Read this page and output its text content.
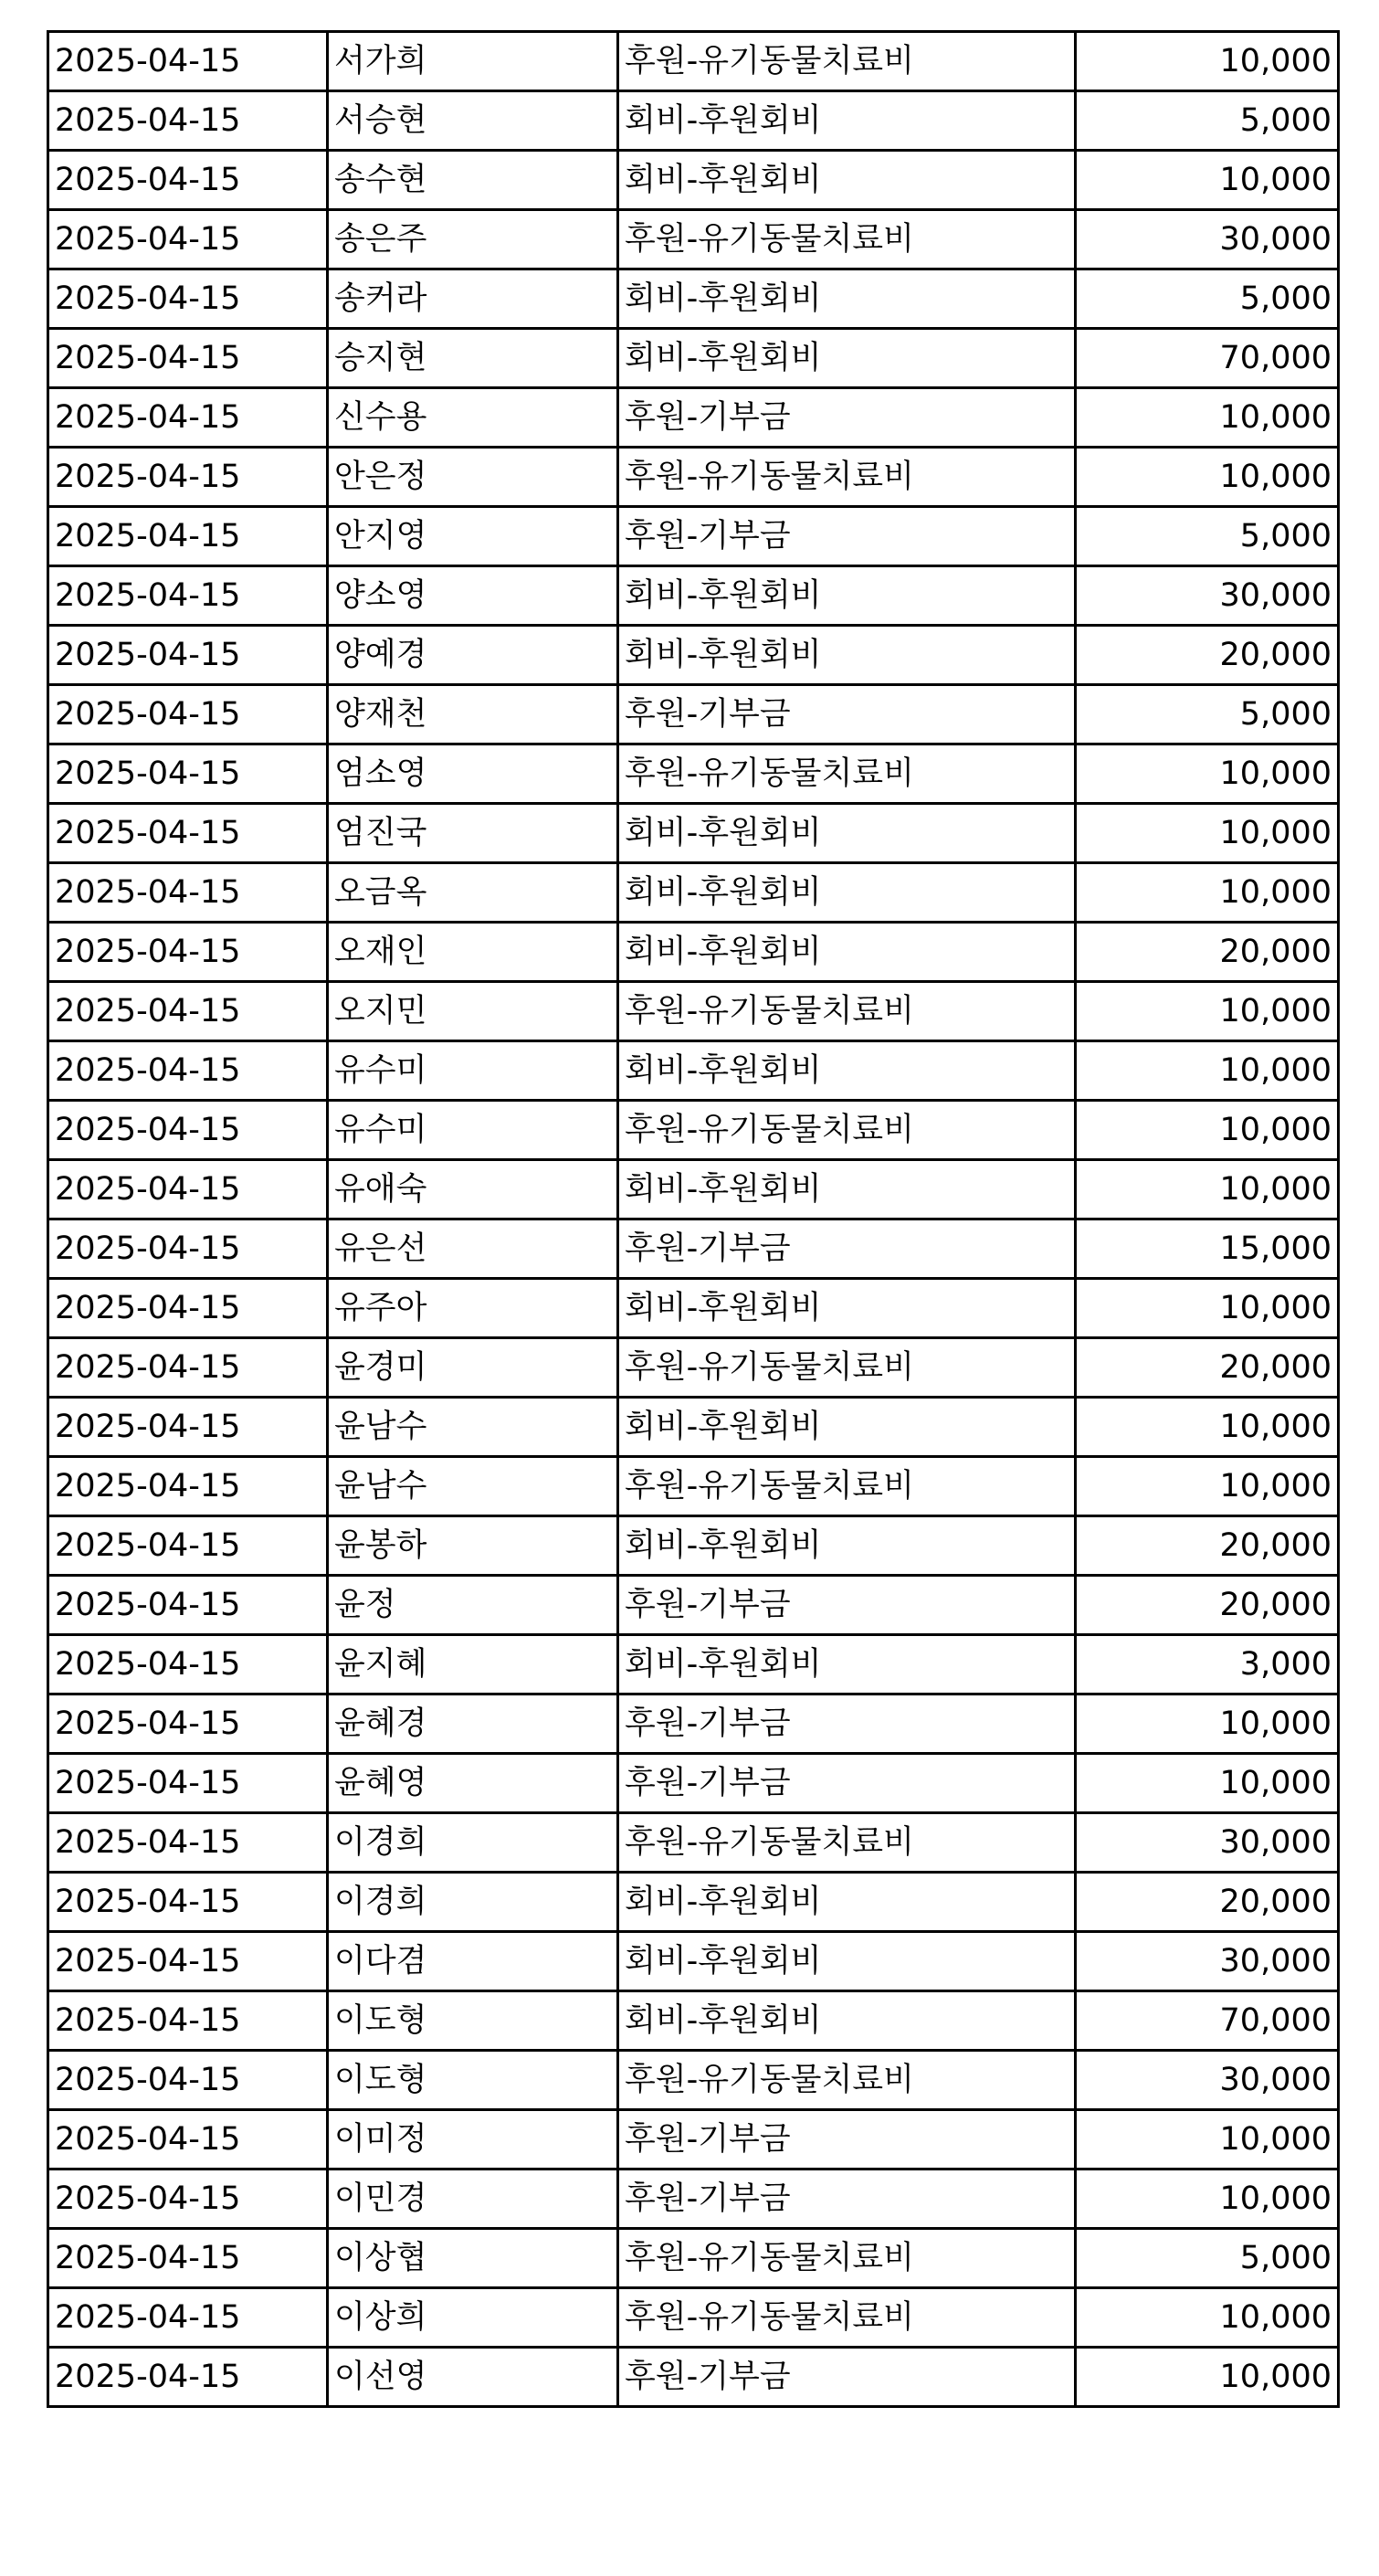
2025-04-15	서가희	후원-유기동물치료비	10,000
2025-04-15	서승현	회비-후원회비	5,000
2025-04-15	송수현	회비-후원회비	10,000
2025-04-15	송은주	후원-유기동물치료비	30,000
2025-04-15	송커라	회비-후원회비	5,000
2025-04-15	승지현	회비-후원회비	70,000
2025-04-15	신수용	후원-기부금	10,000
2025-04-15	안은정	후원-유기동물치료비	10,000
2025-04-15	안지영	후원-기부금	5,000
2025-04-15	양소영	회비-후원회비	30,000
2025-04-15	양예경	회비-후원회비	20,000
2025-04-15	양재천	후원-기부금	5,000
2025-04-15	엄소영	후원-유기동물치료비	10,000
2025-04-15	엄진국	회비-후원회비	10,000
2025-04-15	오금옥	회비-후원회비	10,000
2025-04-15	오재인	회비-후원회비	20,000
2025-04-15	오지민	후원-유기동물치료비	10,000
2025-04-15	유수미	회비-후원회비	10,000
2025-04-15	유수미	후원-유기동물치료비	10,000
2025-04-15	유애숙	회비-후원회비	10,000
2025-04-15	유은선	후원-기부금	15,000
2025-04-15	유주아	회비-후원회비	10,000
2025-04-15	윤경미	후원-유기동물치료비	20,000
2025-04-15	윤남수	회비-후원회비	10,000
2025-04-15	윤남수	후원-유기동물치료비	10,000
2025-04-15	윤봉하	회비-후원회비	20,000
2025-04-15	윤정	후원-기부금	20,000
2025-04-15	윤지혜	회비-후원회비	3,000
2025-04-15	윤혜경	후원-기부금	10,000
2025-04-15	윤혜영	후원-기부금	10,000
2025-04-15	이경희	후원-유기동물치료비	30,000
2025-04-15	이경희	회비-후원회비	20,000
2025-04-15	이다겸	회비-후원회비	30,000
2025-04-15	이도형	회비-후원회비	70,000
2025-04-15	이도형	후원-유기동물치료비	30,000
2025-04-15	이미정	후원-기부금	10,000
2025-04-15	이민경	후원-기부금	10,000
2025-04-15	이상협	후원-유기동물치료비	5,000
2025-04-15	이상희	후원-유기동물치료비	10,000
2025-04-15	이선영	후원-기부금	10,000
